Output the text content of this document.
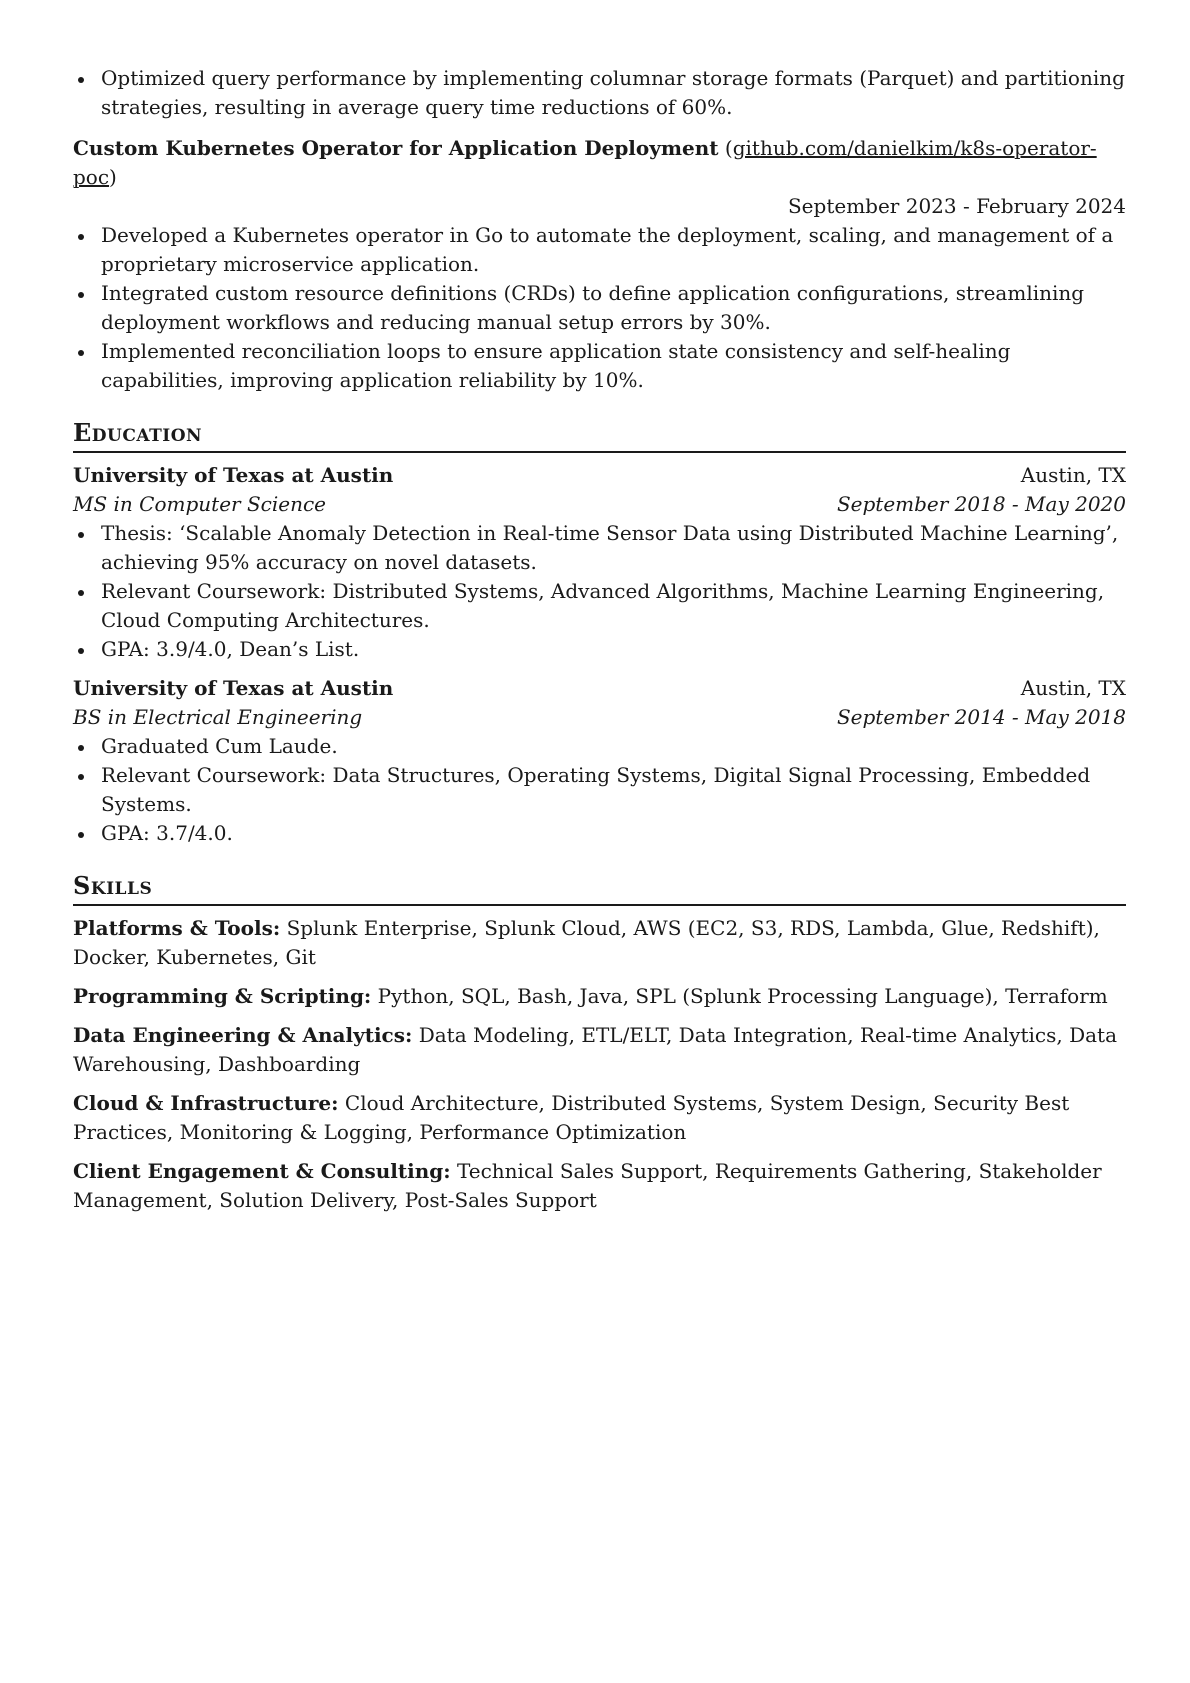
Optimized query performance by implementing columnar storage formats (Parquet) and partitioning strategies, resulting in average query time reductions of 60%.
Custom Kubernetes Operator for Application Deployment (github.com/danielkim/k8s-operator-poc)
September 2023 - February 2024
Developed a Kubernetes operator in Go to automate the deployment, scaling, and management of a proprietary microservice application.
Integrated custom resource definitions (CRDs) to define application configurations, streamlining deployment workflows and reducing manual setup errors by 30%.
Implemented reconciliation loops to ensure application state consistency and self-healing capabilities, improving application reliability by 10%.
Education
University of Texas at Austin	Austin, TX
MS in Computer Science	September 2018 - May 2020
Thesis: ‘Scalable Anomaly Detection in Real-time Sensor Data using Distributed Machine Learning’, achieving 95% accuracy on novel datasets.
Relevant Coursework: Distributed Systems, Advanced Algorithms, Machine Learning Engineering, Cloud Computing Architectures.
GPA: 3.9/4.0, Dean’s List.
University of Texas at Austin	Austin, TX
BS in Electrical Engineering	September 2014 - May 2018
Graduated Cum Laude.
Relevant Coursework: Data Structures, Operating Systems, Digital Signal Processing, Embedded Systems.
GPA: 3.7/4.0.
Skills
Platforms & Tools: Splunk Enterprise, Splunk Cloud, AWS (EC2, S3, RDS, Lambda, Glue, Redshift), Docker, Kubernetes, Git
Programming & Scripting: Python, SQL, Bash, Java, SPL (Splunk Processing Language), Terraform
Data Engineering & Analytics: Data Modeling, ETL/ELT, Data Integration, Real-time Analytics, Data Warehousing, Dashboarding
Cloud & Infrastructure: Cloud Architecture, Distributed Systems, System Design, Security Best Practices, Monitoring & Logging, Performance Optimization
Client Engagement & Consulting: Technical Sales Support, Requirements Gathering, Stakeholder Management, Solution Delivery, Post-Sales Support
